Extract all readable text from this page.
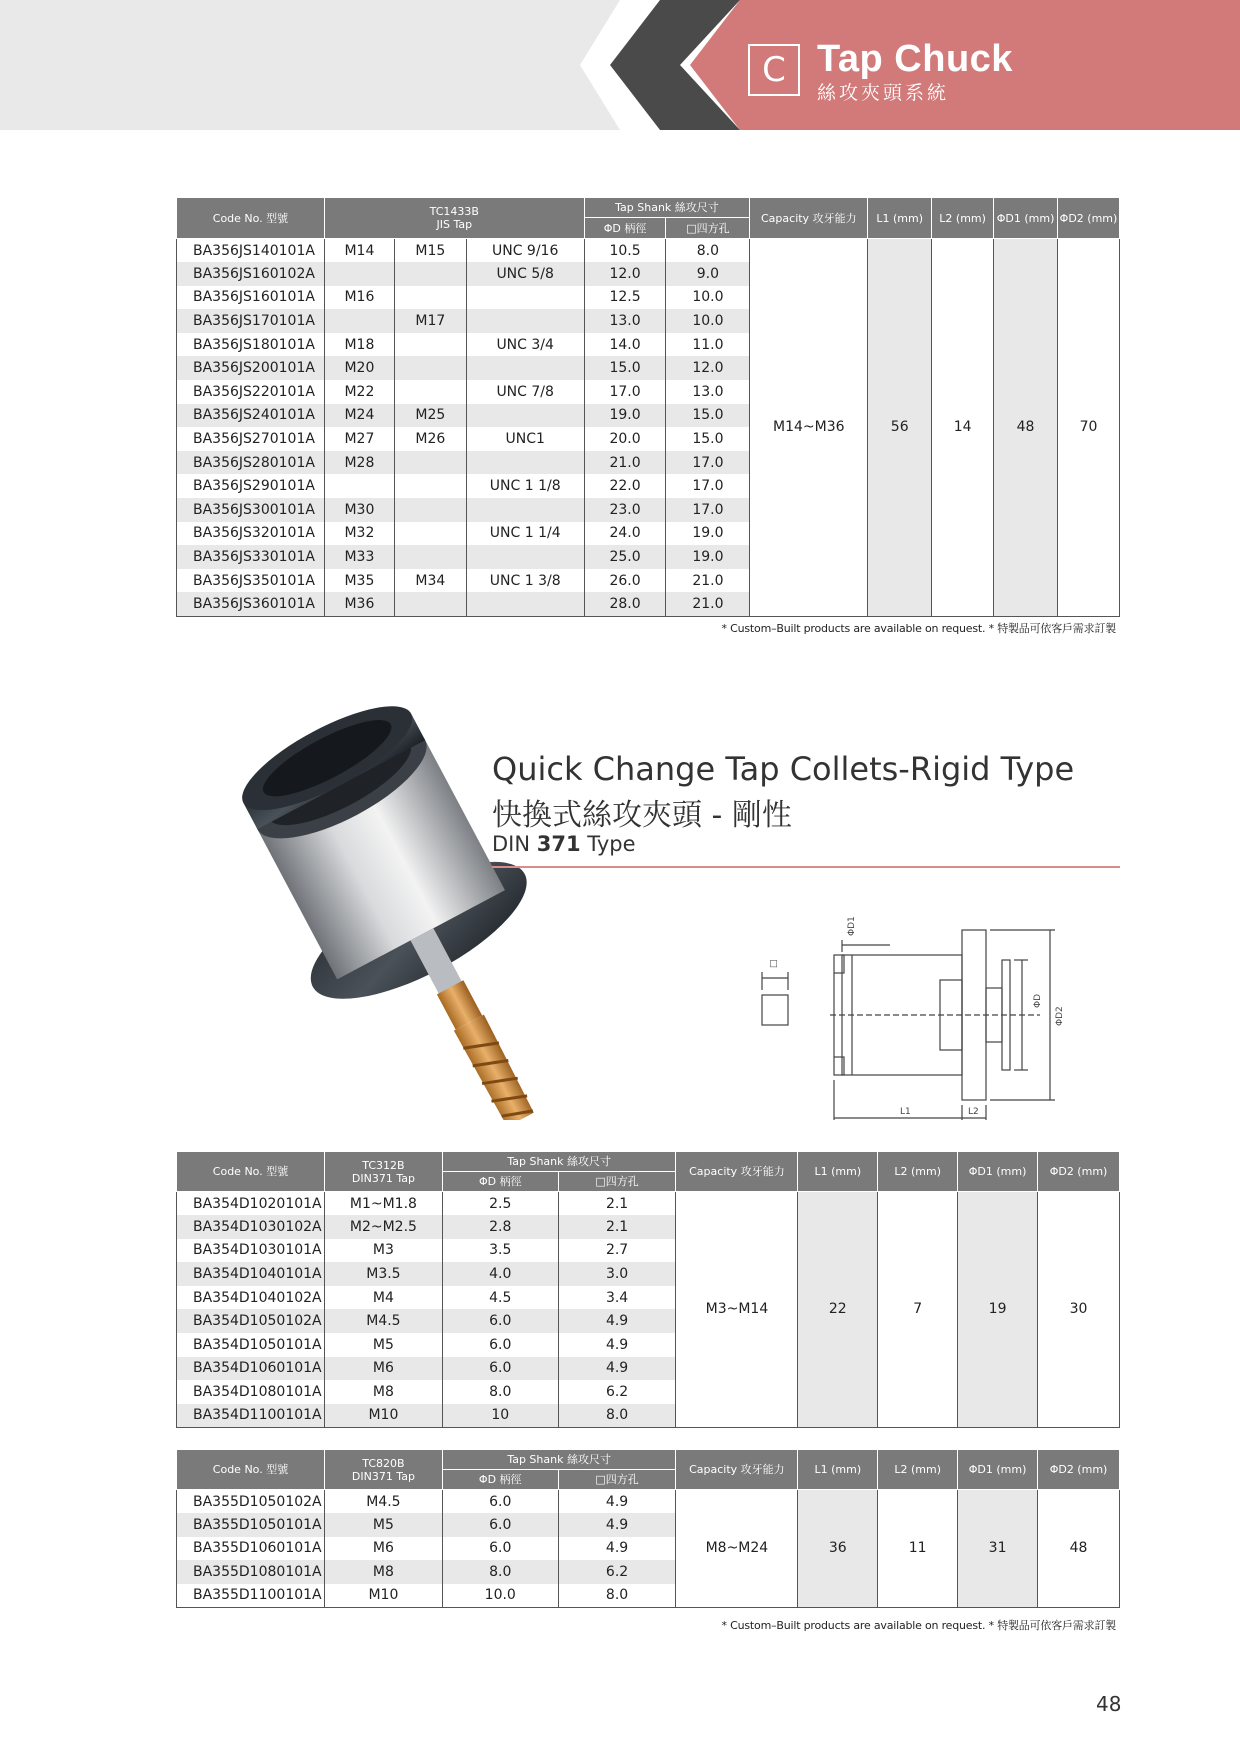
C Tap Chuck
絲攻夾頭系統
Code No. 型號	TC1433B
JIS Tap			Tap Shank 絲攻尺寸		Capacity 攻牙能力	L1 (mm)	L2 (mm)	ΦD1 (mm)	ΦD2 (mm)
				ΦD 柄徑	□四方孔					
BA356JS140101A	M14	M15	UNC 9/16	10.5	8.0	M14~M36	56	14	48	70
BA356JS160102A			UNC 5/8	12.0	9.0					
BA356JS160101A	M16			12.5	10.0					
BA356JS170101A		M17		13.0	10.0					
BA356JS180101A	M18		UNC 3/4	14.0	11.0					
BA356JS200101A	M20			15.0	12.0					
BA356JS220101A	M22		UNC 7/8	17.0	13.0					
BA356JS240101A	M24	M25		19.0	15.0					
BA356JS270101A	M27	M26	UNC1	20.0	15.0					
BA356JS280101A	M28			21.0	17.0					
BA356JS290101A			UNC 1 1/8	22.0	17.0					
BA356JS300101A	M30			23.0	17.0					
BA356JS320101A	M32		UNC 1 1/4	24.0	19.0					
BA356JS330101A	M33			25.0	19.0					
BA356JS350101A	M35	M34	UNC 1 3/8	26.0	21.0					
BA356JS360101A	M36			28.0	21.0					
* Custom–Built products are available on request. * 特製品可依客戶需求訂製
Quick Change Tap Collets-Rigid Type
快換式絲攻夾頭 - 剛性
DIN 371 Type
□
ΦD1
ΦD
ΦD2
L1	L2
Code No. 型號	TC312B
DIN371 Tap	Tap Shank 絲攻尺寸		Capacity 攻牙能力	L1 (mm)	L2 (mm)	ΦD1 (mm)	ΦD2 (mm)
		ΦD 柄徑	□四方孔					
BA354D1020101A	M1~M1.8	2.5	2.1	M3~M14	22	7	19	30
BA354D1030102A	M2~M2.5	2.8	2.1					
BA354D1030101A	M3	3.5	2.7					
BA354D1040101A	M3.5	4.0	3.0					
BA354D1040102A	M4	4.5	3.4					
BA354D1050102A	M4.5	6.0	4.9					
BA354D1050101A	M5	6.0	4.9					
BA354D1060101A	M6	6.0	4.9					
BA354D1080101A	M8	8.0	6.2					
BA354D1100101A	M10	10	8.0					
Code No. 型號	TC820B
DIN371 Tap	Tap Shank 絲攻尺寸		Capacity 攻牙能力	L1 (mm)	L2 (mm)	ΦD1 (mm)	ΦD2 (mm)
		ΦD 柄徑	□四方孔					
BA355D1050102A	M4.5	6.0	4.9	M8~M24	36	11	31	48
BA355D1050101A	M5	6.0	4.9					
BA355D1060101A	M6	6.0	4.9					
BA355D1080101A	M8	8.0	6.2					
BA355D1100101A	M10	10.0	8.0					
* Custom–Built products are available on request. * 特製品可依客戶需求訂製
48
